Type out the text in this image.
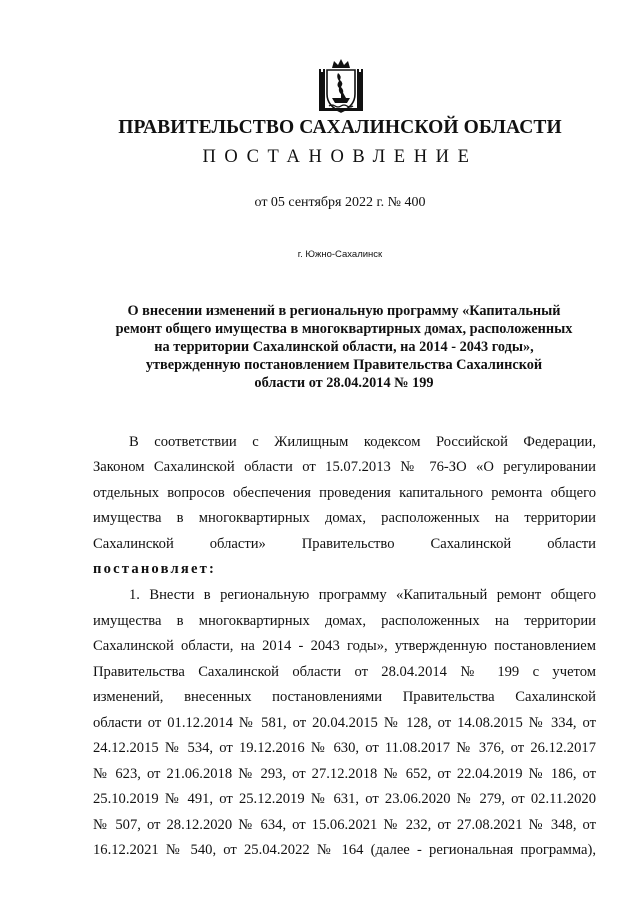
ПРАВИТЕЛЬСТВО САХАЛИНСКОЙ ОБЛАСТИ
ПОСТАНОВЛЕНИЕ
от 05 сентября 2022 г. № 400
г. Южно-Сахалинск
О внесении изменений в региональную программу «Капитальный
ремонт общего имущества в многоквартирных домах, расположенных
на территории Сахалинской области, на 2014 - 2043 годы»,
утвержденную постановлением Правительства Сахалинской
области от 28.04.2014 № 199
В соответствии с Жилищным кодексом Российской Федерации,
Законом Сахалинской области от 15.07.2013 № 76-ЗО «О регулировании
отдельных вопросов обеспечения проведения капитального ремонта общего
имущества в многоквартирных домах, расположенных на территории
Сахалинской области» Правительство Сахалинской области
постановляет:
1. Внести в региональную программу «Капитальный ремонт общего
имущества в многоквартирных домах, расположенных на территории
Сахалинской области, на 2014 - 2043 годы», утвержденную постановлением
Правительства Сахалинской области от 28.04.2014 № 199 с учетом
изменений, внесенных постановлениями Правительства Сахалинской
области от 01.12.2014 № 581, от 20.04.2015 № 128, от 14.08.2015 № 334, от
24.12.2015 № 534, от 19.12.2016 № 630, от 11.08.2017 № 376, от 26.12.2017
№ 623, от 21.06.2018 № 293, от 27.12.2018 № 652, от 22.04.2019 № 186, от
25.10.2019 № 491, от 25.12.2019 № 631, от 23.06.2020 № 279, от 02.11.2020
№ 507, от 28.12.2020 № 634, от 15.06.2021 № 232, от 27.08.2021 № 348, от
16.12.2021 № 540, от 25.04.2022 № 164 (далее - региональная программа),
